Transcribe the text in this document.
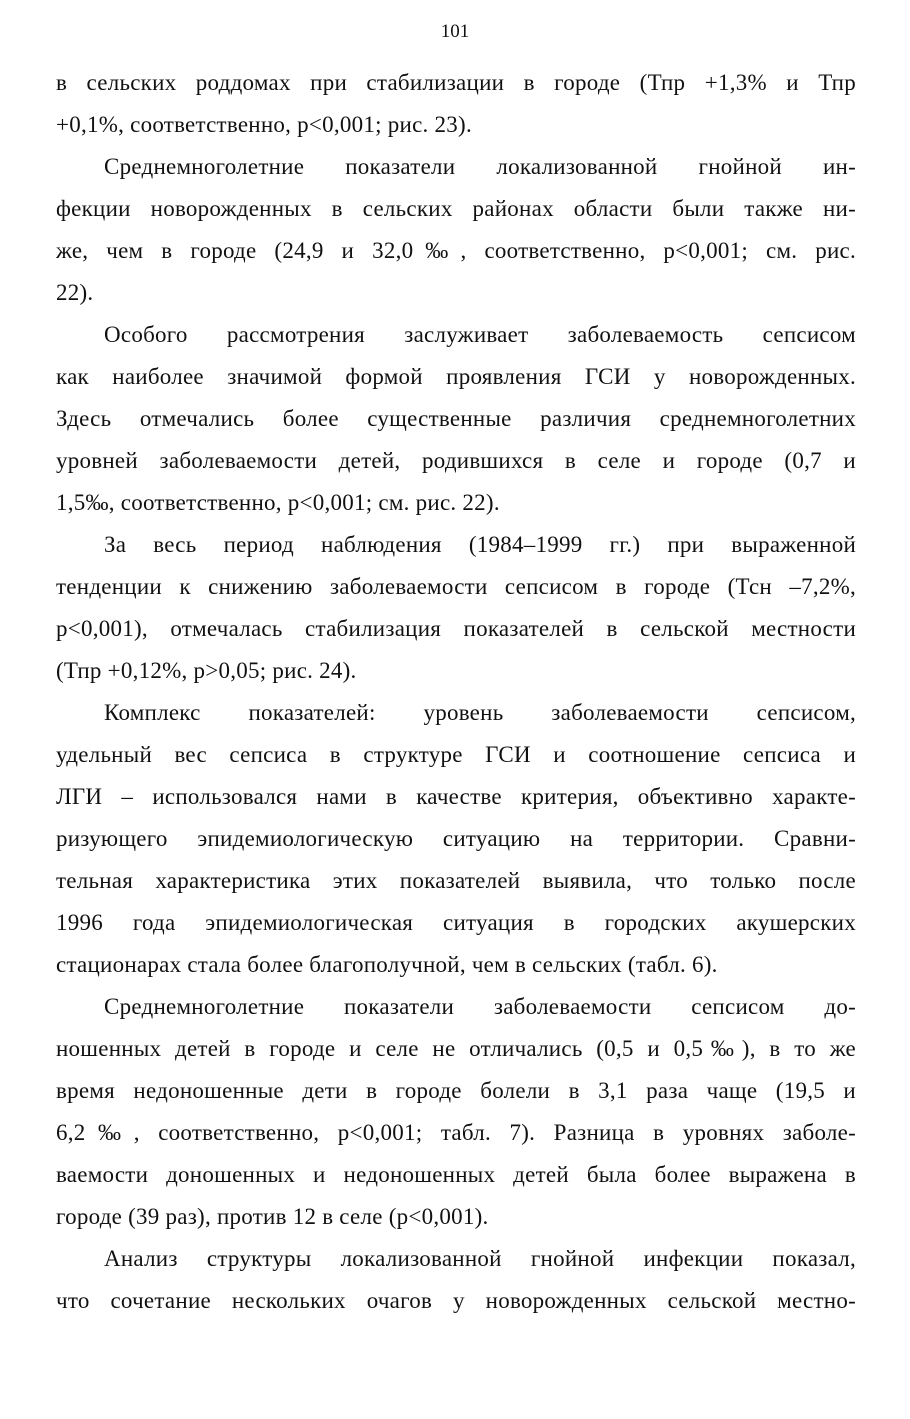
101
в сельских роддомах при стабилизации в городе (Тпр +1,3% и Тпр
+0,1%, соответственно, р<0,001; рис. 23).
Среднемноголетние показатели локализованной гнойной ин-
фекции новорожденных в сельских районах области были также ни-
же, чем в городе (24,9 и 32,0‰, соответственно, р<0,001; см. рис.
22).
Особого рассмотрения заслуживает заболеваемость сепсисом
как наиболее значимой формой проявления ГСИ у новорожденных.
Здесь отмечались более существенные различия среднемноголетних
уровней заболеваемости детей, родившихся в селе и городе (0,7 и
1,5‰, соответственно, р<0,001; см. рис. 22).
За весь период наблюдения (1984–1999 гг.) при выраженной
тенденции к снижению заболеваемости сепсисом в городе (Тсн –7,2%,
р<0,001), отмечалась стабилизация показателей в сельской местности
(Тпр +0,12%, р>0,05; рис. 24).
Комплекс показателей: уровень заболеваемости сепсисом,
удельный вес сепсиса в структуре ГСИ и соотношение сепсиса и
ЛГИ – использовался нами в качестве критерия, объективно характе-
ризующего эпидемиологическую ситуацию на территории. Сравни-
тельная характеристика этих показателей выявила, что только после
1996 года эпидемиологическая ситуация в городских акушерских
стационарах стала более благополучной, чем в сельских (табл. 6).
Среднемноголетние показатели заболеваемости сепсисом до-
ношенных детей в городе и селе не отличались (0,5 и 0,5‰), в то же
время недоношенные дети в городе болели в 3,1 раза чаще (19,5 и
6,2‰, соответственно, р<0,001; табл. 7). Разница в уровнях заболе-
ваемости доношенных и недоношенных детей была более выражена в
городе (39 раз), против 12 в селе (р<0,001).
Анализ структуры локализованной гнойной инфекции показал,
что сочетание нескольких очагов у новорожденных сельской местно-
